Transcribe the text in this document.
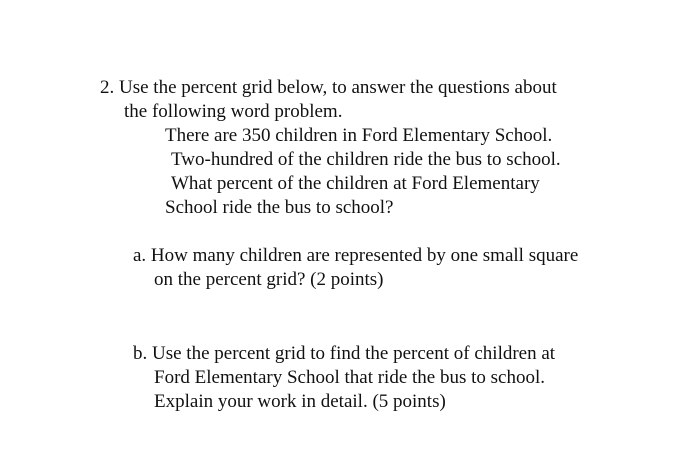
2. Use the percent grid below, to answer the questions about

the following word problem.

There are 350 children in Ford Elementary School.

Two-hundred of the children ride the bus to school.

What percent of the children at Ford Elementary

School ride the bus to school?

a. How many children are represented by one small square

on the percent grid? (2 points)

b. Use the percent grid to find the percent of children at

Ford Elementary School that ride the bus to school.

Explain your work in detail. (5 points)
